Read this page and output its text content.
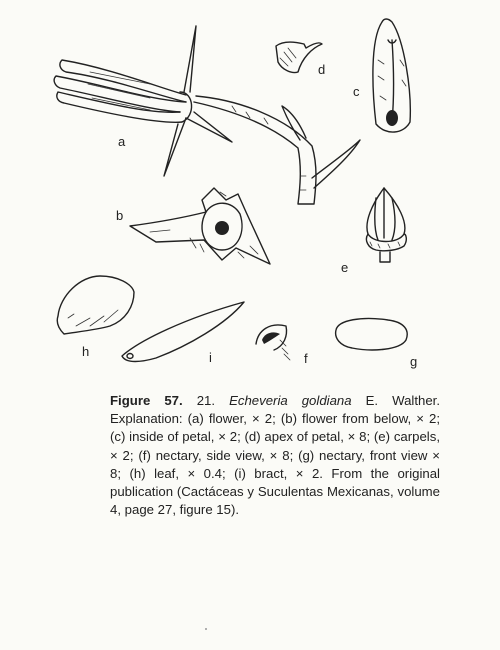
a
b
c
d
e
f	g
h	i
Figure 57. 21. Echeveria goldiana E. Walther. Explanation: (a) flower, × 2; (b) flower from below, × 2; (c) inside of petal, × 2; (d) apex of petal, × 8; (e) carpels, × 2; (f) nectary, side view, × 8; (g) nectary, front view × 8; (h) leaf, × 0.4; (i) bract, × 2. From the original publication (Cactáceas y Suculentas Mexicanas, volume 4, page 27, figure 15).
